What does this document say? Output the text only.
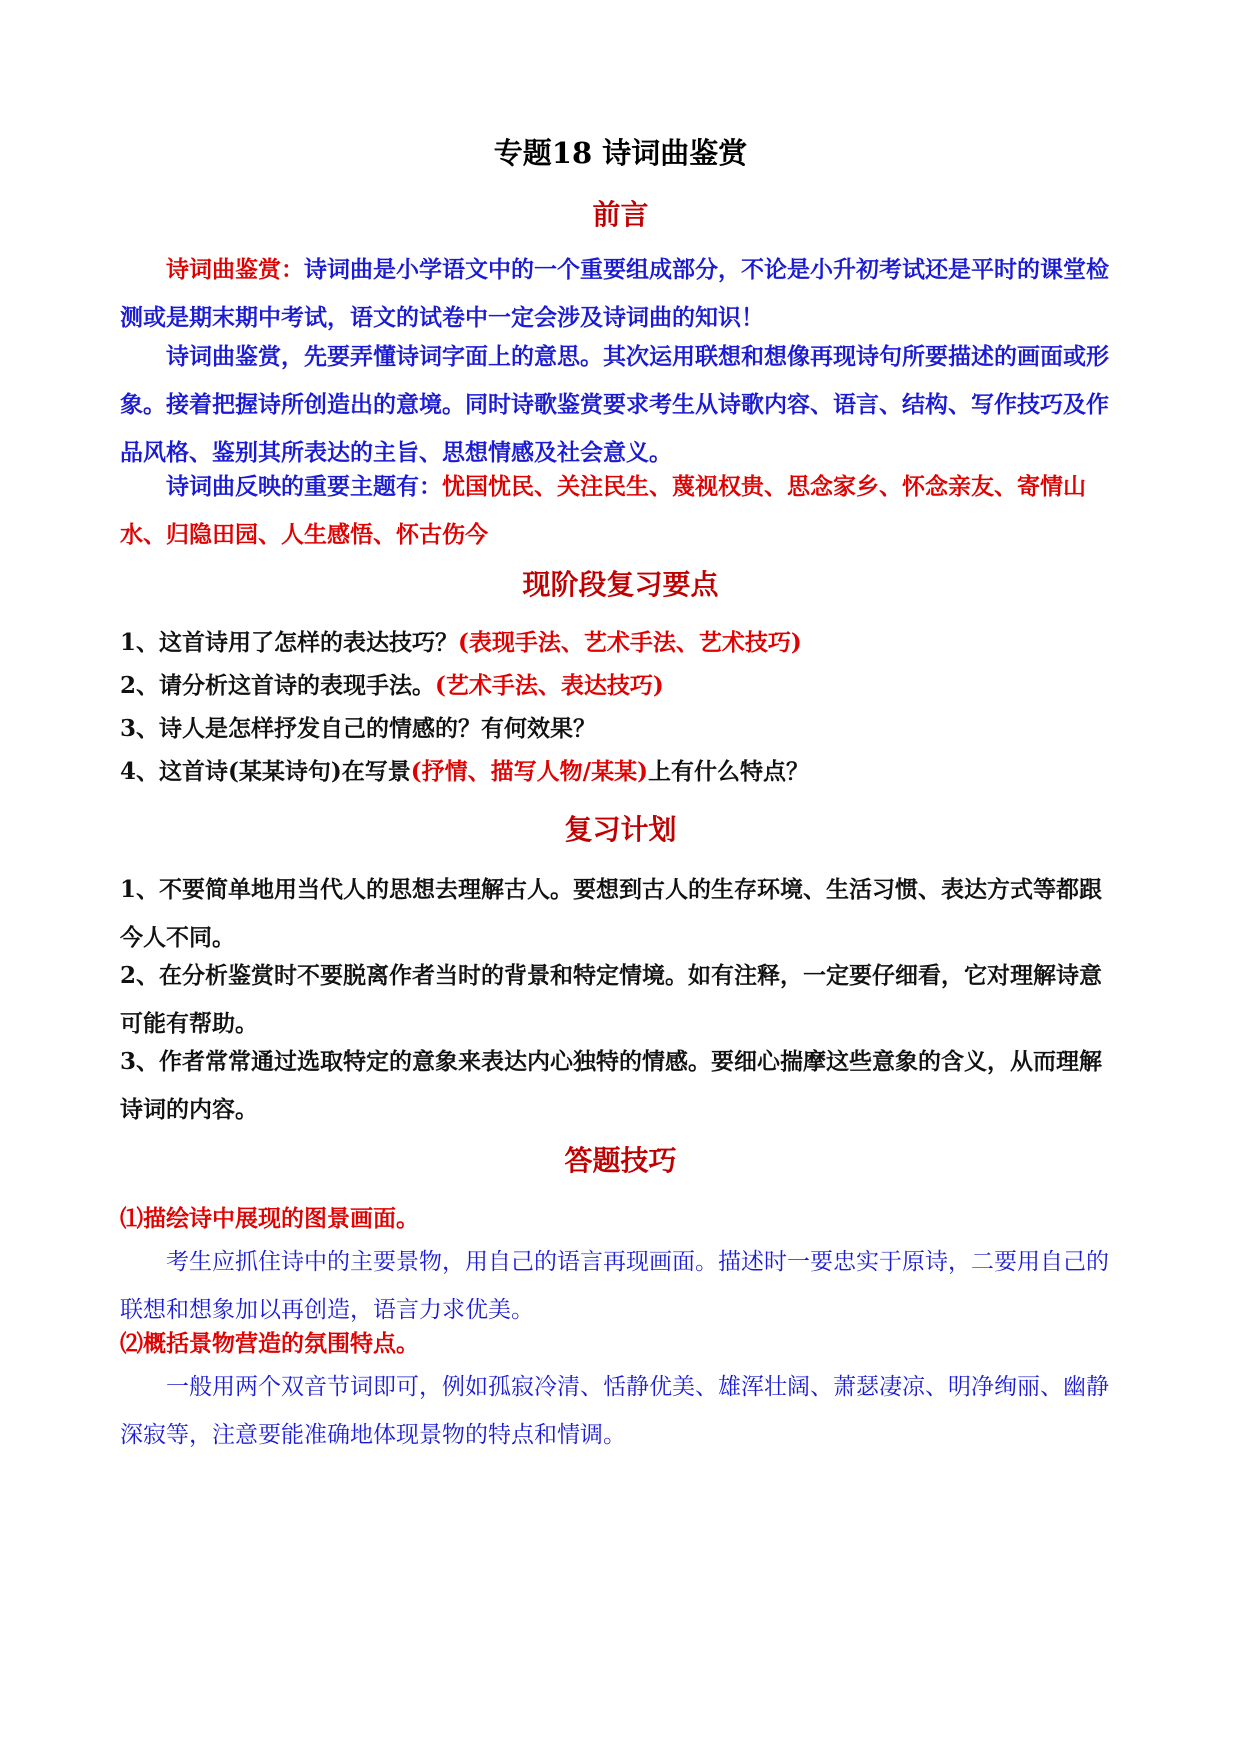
专题18 诗词曲鉴赏
前言
诗词曲鉴赏：诗词曲是小学语文中的一个重要组成部分，不论是小升初考试还是平时的课堂检测或是期末期中考试，语文的试卷中一定会涉及诗词曲的知识！
诗词曲鉴赏，先要弄懂诗词字面上的意思。其次运用联想和想像再现诗句所要描述的画面或形象。接着把握诗所创造出的意境。同时诗歌鉴赏要求考生从诗歌内容、语言、结构、写作技巧及作品风格、鉴别其所表达的主旨、思想情感及社会意义。
诗词曲反映的重要主题有：忧国忧民、关注民生、蔑视权贵、思念家乡、怀念亲友、寄情山水、归隐田园、人生感悟、怀古伤今
现阶段复习要点
1、这首诗用了怎样的表达技巧？(表现手法、艺术手法、艺术技巧)
2、请分析这首诗的表现手法。(艺术手法、表达技巧)
3、诗人是怎样抒发自己的情感的？有何效果？
4、这首诗(某某诗句)在写景(抒情、描写人物/某某)上有什么特点？
复习计划
1、不要简单地用当代人的思想去理解古人。要想到古人的生存环境、生活习惯、表达方式等都跟今人不同。
2、在分析鉴赏时不要脱离作者当时的背景和特定情境。如有注释，一定要仔细看，它对理解诗意可能有帮助。
3、作者常常通过选取特定的意象来表达内心独特的情感。要细心揣摩这些意象的含义，从而理解诗词的内容。
答题技巧
⑴描绘诗中展现的图景画面。
考生应抓住诗中的主要景物，用自己的语言再现画面。描述时一要忠实于原诗，二要用自己的联想和想象加以再创造，语言力求优美。
⑵概括景物营造的氛围特点。
一般用两个双音节词即可，例如孤寂冷清、恬静优美、雄浑壮阔、萧瑟凄凉、明净绚丽、幽静深寂等，注意要能准确地体现景物的特点和情调。
